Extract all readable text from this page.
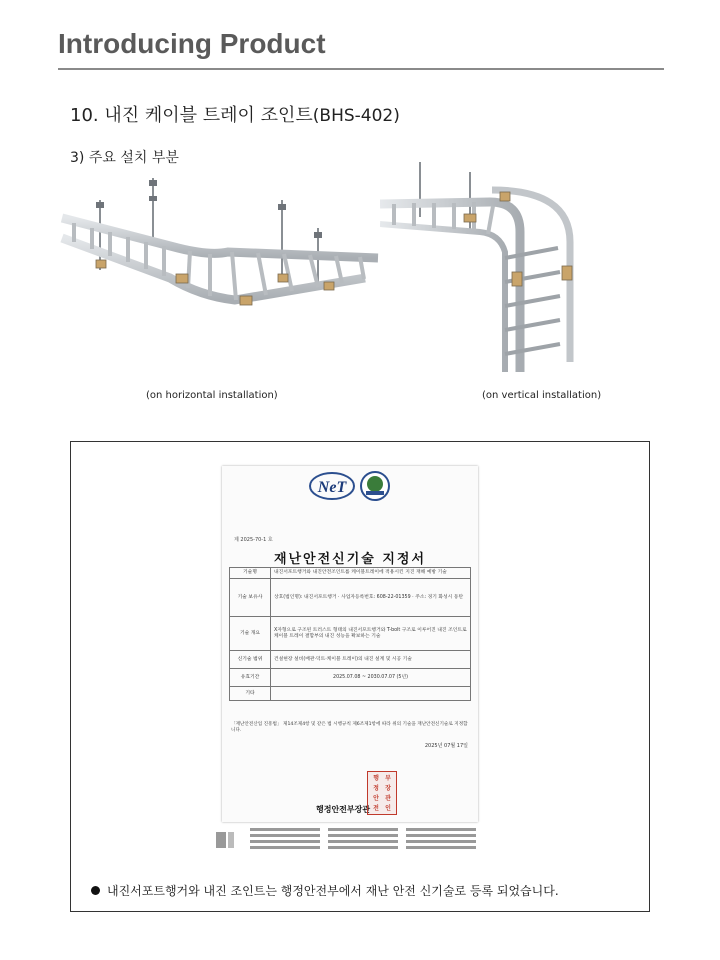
Introducing Product
10. 내진 케이블 트레이 조인트(BHS-402)
3) 주요 설치 부분
(on horizontal installation)	(on vertical installation)
NeT
제 2025-70-1 호
재난안전신기술 지정서
기술명	내진서포트행거와 내진안전조인트를 케이블트레이에 적용시킨 지진 재해 예방 기술
기술 보유사	상호(법인명): 내진서포트행거 · 사업자등록번호: 608-22-01359 · 주소: 경기 화성시 동탄
기술 개요	X자형으로 구조된 트러스트 형태의 내진서포트행거와 T-bolt 구조로 이루어진 내진 조인트로 케이블 트레이 결합부의 내진 성능을 확보하는 기술
신기술 범위	건설현장 설비(배관·덕트·케이블 트레이)의 내진 설계 및 시공 기술
유효기간	2025.07.08 ~ 2030.07.07 (5년)
기타	
「재난안전산업 진흥법」 제14조제4항 및 같은 법 시행규칙 제6조제1항에 따라 위의 기술을 재난안전신기술로 지정합니다.
2025년 07월 17일
행정안전부장관
행
정
안
전부
장
관
인
내진서포트행거와 내진 조인트는 행정안전부에서 재난 안전 신기술로 등록 되었습니다.
